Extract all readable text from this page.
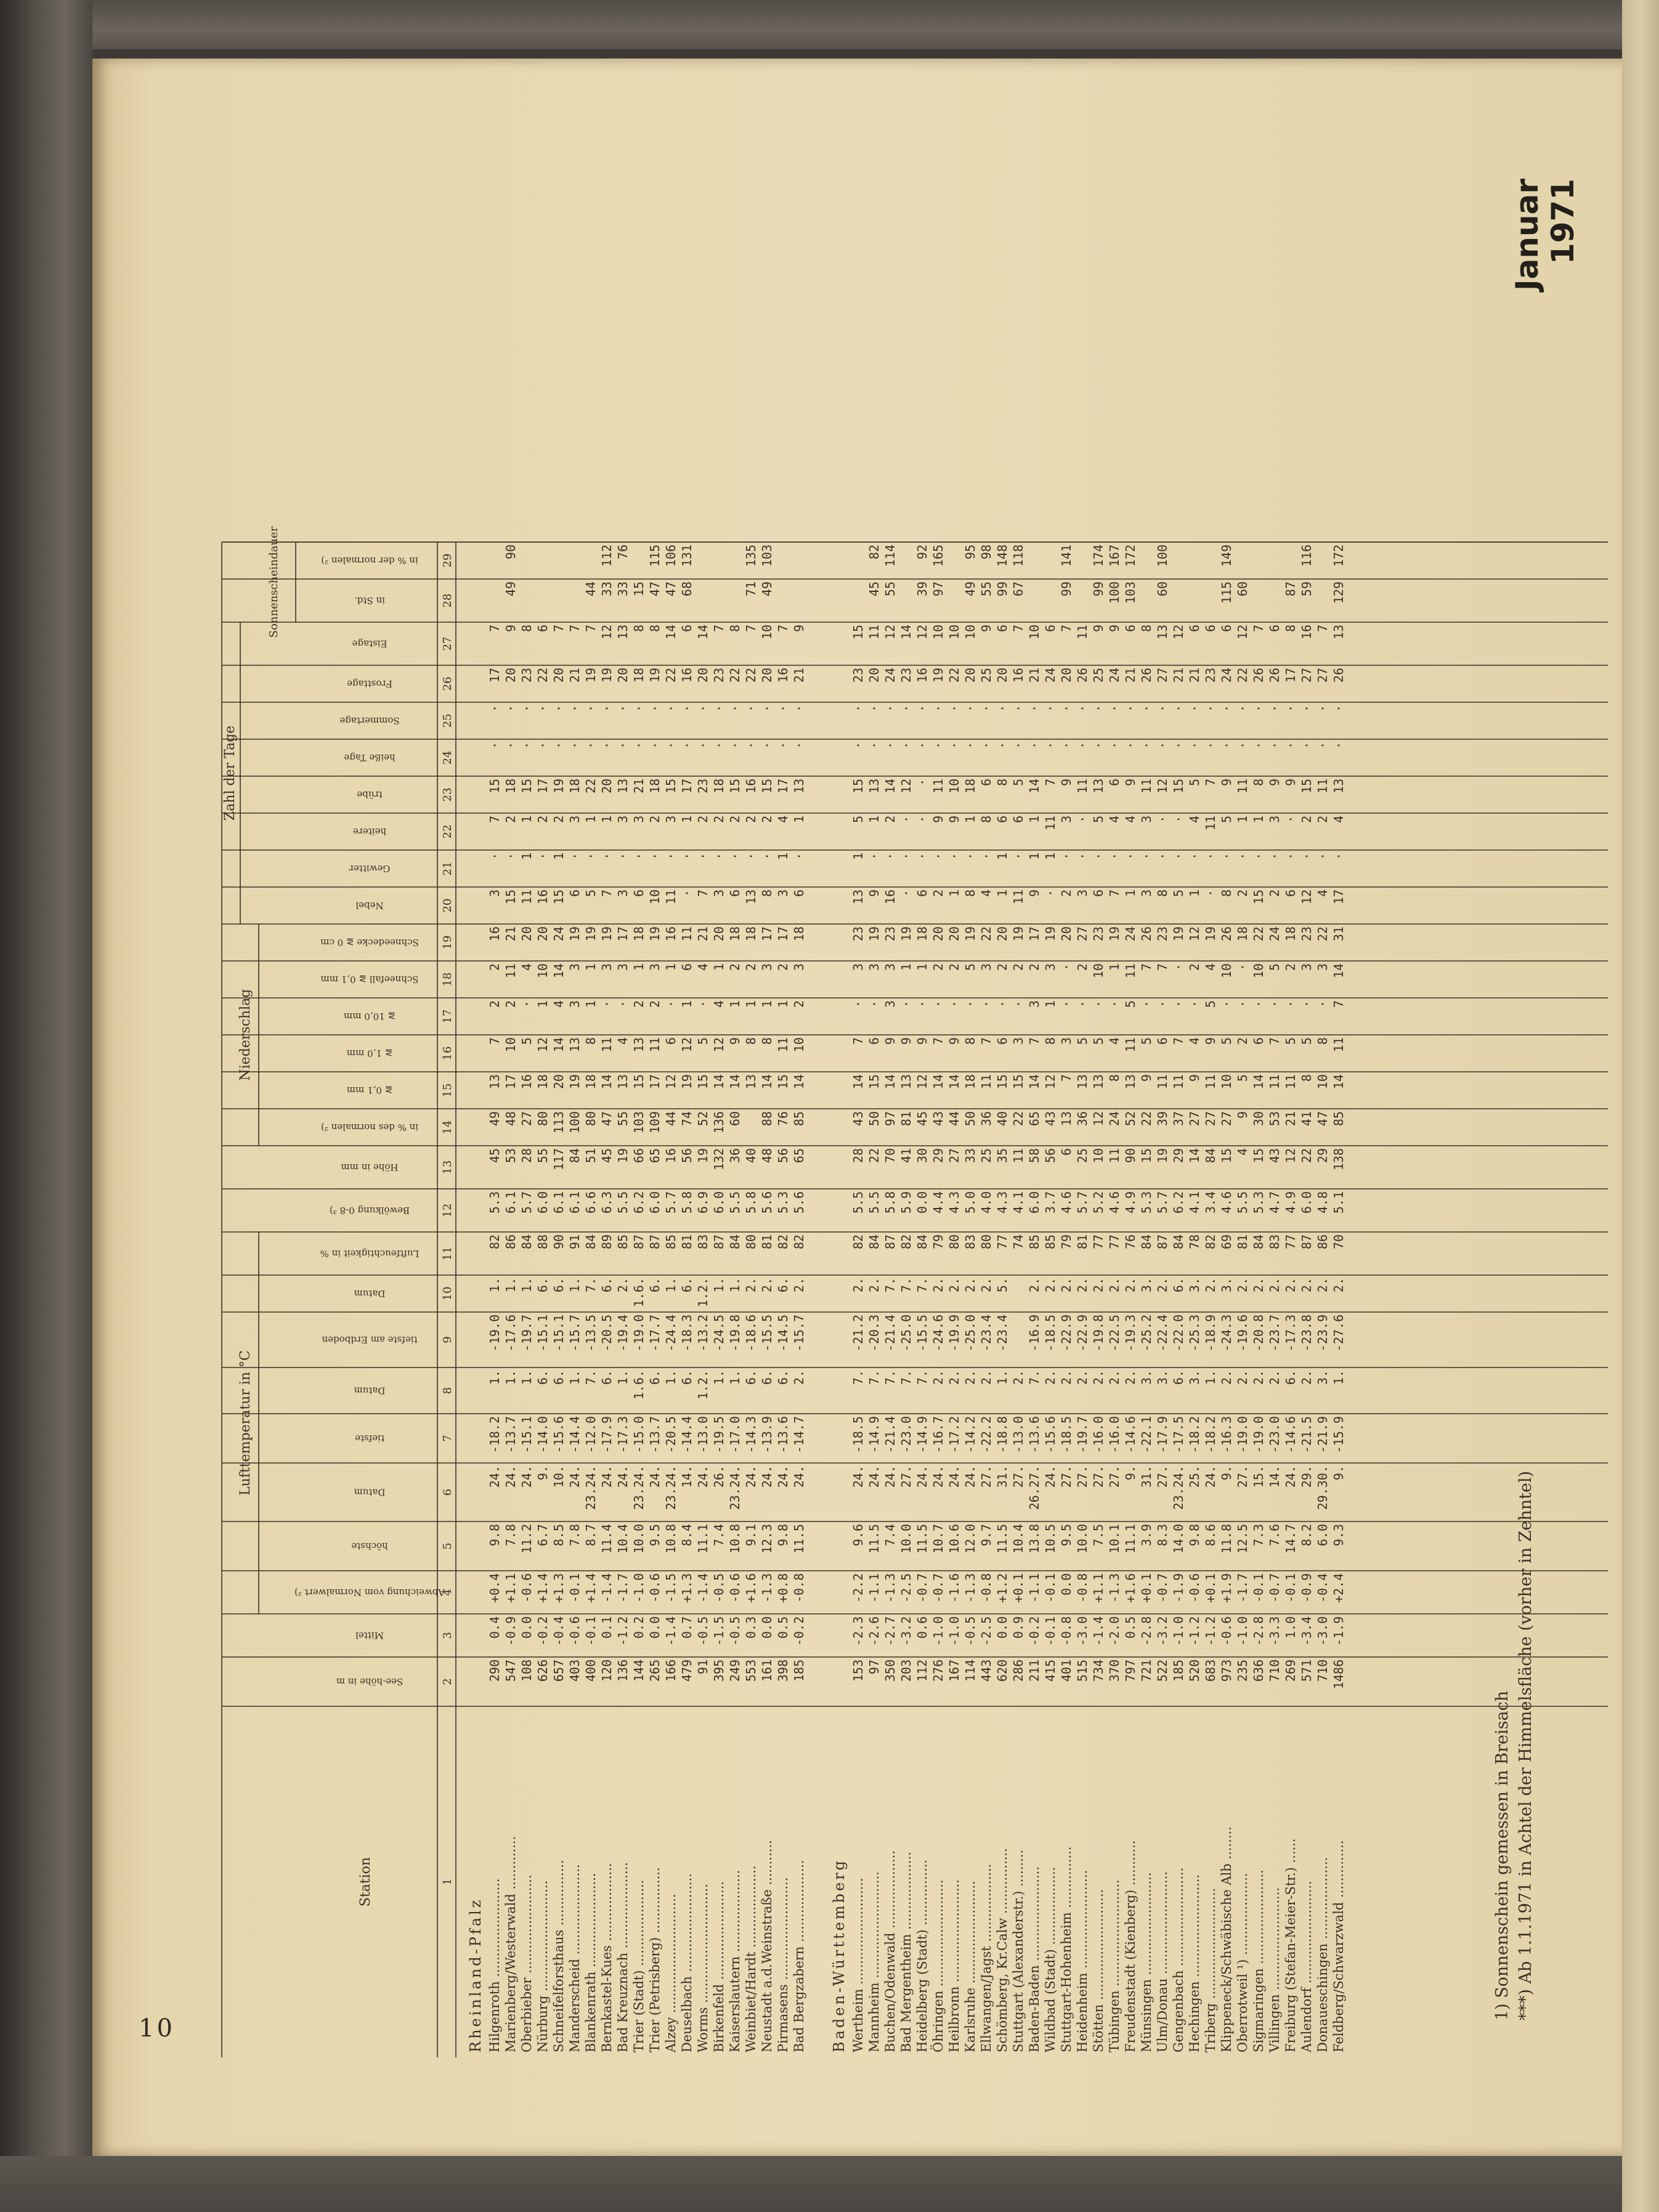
Januar 1971
Lufttemperatur in °C
Niederschlag
Zahl der Tage
Sonnenscheindauer
Station
See-höhe in m
Mittel
Abweichung vom Normalwert ²)
höchste
Datum
tiefste
Datum
tiefste am Erdboden
Datum
Luftfeuchtigkeit in %
Bewölkung 0-8 ³)
Höhe in mm
in % des normalen ²)
≧ 0,1 mm
≧ 1,0 mm
≧ 10,0 mm
Schneefall ≧ 0,1 mm
Schneedecke ≧ 0 cm
Nebel
Gewitter
heitere
trübe
heiße Tage
Sommertage
Frosttage
Eistage
in Std.
in % der normalen ²)
1
2
3
4
5
6
7
8
9
10
11
12
13
14
15
16
17
18
19
20
21
22
23
24
25
26
27
28
29
Rheinland-Pfalz Hilgenroth ........................
290
0.4
+0.4
9.8
24.
-18.2
1.
-19.0
1.
82
5.3
45
49
13
7
2
2
16
3
·
7
15
·
·
17
7
Marienberg/Westerwald .............
547
-0.9
+1.1
7.8
24.
-13.7
1.
-17.6
1.
86
6.1
53
48
17
10
2
11
21
15
·
2
18
·
·
20
9
49
90
Oberbieber ........................
108
0.0
-0.6
11.2
24.
-15.1
1.
-19.7
1.
84
5.7
28
27
16
5
·
4
20
11
1
1
15
·
·
23
8
Nürburg ...........................
626
-0.2
+1.4
6.7
9.
-14.0
6.
-15.1
6.
88
6.0
55
80
18
12
1
10
20
16
·
2
17
·
·
22
6
Schneifelforsthaus ................
657
-0.4
+1.3
8.5
10.
-15.6
6.
-15.1
6.
90
6.1
117
113
20
14
4
14
24
15
1
2
19
·
·
20
7
Manderscheid ......................
403
-0.6
-0.1
7.8
24.
-14.4
1.
-15.7
1.
91
6.1
84
100
19
13
3
3
19
6
·
3
18
·
·
21
7
Blankenrath .......................
400
-0.1
+1.4
8.7
23.24.
-12.0
7.
-13.5
7.
84
6.6
51
80
18
8
1
1
19
5
·
1
22
·
·
19
7
44
Bernkastel-Kues ...................
120
0.1
-1.4
11.4
24.
-17.9
6.
-20.5
6.
89
6.3
45
47
14
11
·
3
19
7
·
1
20
·
·
19
12
33
112
Bad Kreuznach .....................
136
-1.2
-1.7
10.4
24.
-17.3
1.
-19.4
2.
85
5.5
19
55
13
4
·
3
17
3
·
3
13
·
·
20
13
33
76
Trier (Stadt) .....................
144
0.2
-1.0
10.0
23.24.
-15.0
1.6.
-19.0
1.6.
87
6.2
66
103
15
13
2
1
18
6
·
3
21
·
·
18
8
15
Trier (Petrisberg) ................
265
0.0
-0.6
9.5
24.
-13.7
6.
-17.7
6.
87
6.0
65
109
17
11
2
3
19
10
·
2
18
·
·
19
8
47
115
Alzey .............................
166
-1.4
-1.5
10.8
23.24.
-20.5
1.
-24.4
1.
85
5.7
16
44
12
6
·
1
16
11
·
3
15
·
·
22
14
47
106
Deuselbach ........................
479
0.7
+1.3
8.4
14.
-14.4
6.
-18.3
6.
81
5.8
56
74
19
12
1
6
11
·
·
1
17
·
·
16
6
68
131
Worms .............................
91
-0.5
-1.4
11.1
24.
-13.0
1.2.
-13.2
1.2.
83
6.9
19
52
15
5
·
4
21
7
·
2
23
·
·
20
14
Birkenfeld ........................
395
-1.5
-0.5
7.4
26.
-19.5
1.
-24.5
1.
87
6.0
132
136
14
12
4
1
20
3
·
2
18
·
·
23
7
Kaiserslautern ....................
249
-0.5
-0.6
10.8
23.24.
-17.0
1.
-19.8
1.
84
5.5
36
60
14
9
1
2
18
6
·
2
15
·
·
22
8
Weinbiet/Hardt ....................
553
0.3
+1.6
9.1
24.
-14.3
6.
-18.6
2.
80
5.8
40
13
8
1
2
18
13
·
2
16
·
·
22
7
71
135
Neustadt a.d.Weinstraße ...........
161
0.0
-1.3
12.3
24.
-13.9
6.
-15.5
2.
81
5.6
48
88
14
8
1
3
17
8
·
2
15
·
·
20
10
49
103
Pirmasens .........................
398
0.5
+0.8
9.8
24.
-13.6
6.
-14.5
6.
82
5.3
56
76
15
11
1
2
17
3
1
4
17
·
·
16
7
Bad Bergzabern ....................
185
-0.2
-0.8
11.5
24.
-14.7
2.
-15.7
2.
82
5.6
65
85
14
10
2
3
18
6
·
1
13
·
·
21
9
Baden-Württemberg Wertheim ..........................
153
-2.3
-2.2
9.6
24.
-18.5
7.
-21.2
2.
82
5.5
28
43
14
7
·
3
23
13
1
5
15
·
·
23
15
Mannheim ..........................
97
-2.6
-1.1
11.5
24.
-14.9
7.
-20.3
2.
84
5.5
22
50
15
6
·
3
19
9
·
1
13
·
·
20
11
45
82
Buchen/Odenwald ...................
350
-2.7
-1.3
7.4
24.
-21.4
7.
-21.4
7.
87
5.8
70
97
14
9
3
3
23
16
·
2
14
·
·
24
12
55
114
Bad Mergentheim ...................
203
-3.2
-2.5
10.0
27.
-23.0
7.
-25.0
7.
82
5.9
41
81
13
9
·
1
19
·
·
·
12
·
·
23
14
Heidelberg (Stadt) ................
112
0.6
-0.7
11.5
24.
-14.9
7.
-15.5
7.
84
0.0
30
45
12
9
·
1
18
6
·
·
·
·
·
16
12
39
92
Öhringen ..........................
276
-1.0
-0.7
10.7
24.
-16.7
2.
-24.6
2.
79
4.4
29
43
14
7
·
2
20
2
·
9
11
·
·
19
10
97
165
Heilbronn .........................
167
-1.0
-1.6
10.6
24.
-17.2
2.
-19.9
2.
80
4.3
27
44
14
9
·
2
20
1
·
9
10
·
·
22
10
Karlsruhe .........................
114
-0.5
-1.3
12.0
24.
-14.2
2.
-25.0
2.
83
5.0
33
50
18
8
·
5
19
8
·
1
18
·
·
20
10
49
95
Ellwangen/Jagst ...................
443
-2.5
-0.8
9.7
27.
-22.2
2.
-23.4
2.
80
4.0
25
36
11
7
·
3
22
4
·
8
6
·
·
25
9
55
98
Schömberg, Kr.Calw ................
620
0.0
+1.2
11.5
31.
-18.8
1.
-23.4
5.
77
4.3
35
40
15
6
·
2
20
1
1
6
8
·
·
20
6
99
148
Stuttgart (Alexanderstr.) .........
286
0.9
+0.1
10.4
27.
-13.0
2.
74
4.1
11
22
15
3
·
2
19
11
·
6
5
·
·
16
7
67
118
Baden-Baden .......................
211
-0.2
-1.1
13.8
26.27.
-13.6
7.
-16.9
2.
85
6.0
58
65
14
7
3
2
17
9
1
1
14
·
·
21
10
Wildbad (Stadt) ...................
415
-0.1
-0.1
10.5
24.
-15.6
2.
-18.5
2.
85
3.7
56
43
12
8
1
3
19
·
1
11
7
·
·
24
6
Stuttgart-Hohenheim ...............
401
-0.8
0.0
9.5
27.
-18.5
2.
-22.9
2.
79
4.6
6
13
7
3
·
·
20
2
·
3
9
·
·
20
7
99
141
Heidenheim ........................
515
-3.0
-0.8
10.0
27.
-19.7
2.
-22.9
2.
81
5.7
25
36
13
5
·
2
27
3
·
·
11
·
·
26
11
Stötten ...........................
734
-1.4
+1.1
7.5
27.
-16.0
2.
-19.8
2.
77
5.2
10
12
13
5
·
10
23
6
·
5
13
·
·
25
9
99
174
Tübingen ..........................
370
-2.0
-1.3
10.1
27.
-16.0
2.
-22.5
2.
77
4.6
11
24
8
4
·
1
19
7
·
4
6
·
·
24
9
100
167
Freudenstadt (Kienberg) ...........
797
0.5
+1.6
11.1
9.
-14.6
2.
-19.3
2.
76
4.9
90
52
13
11
5
11
24
1
·
4
9
·
·
21
6
103
172
Münsingen .........................
721
-2.8
+0.1
3.9
31.
-22.1
3.
-25.2
3.
84
5.3
15
22
9
5
·
7
26
3
·
3
11
·
·
26
8
Ulm/Donau .........................
522
-3.2
-0.7
8.3
27.
-17.9
3.
-22.4
2.
87
5.7
19
39
11
6
·
7
23
8
·
·
12
·
·
27
13
60
100
Gengenbach ........................
185
-1.0
-1.9
14.0
23.24.
-17.5
6.
-22.0
6.
84
6.2
29
37
11
7
·
·
19
5
·
·
15
·
·
21
12
Hechingen .........................
520
-1.2
-0.6
9.8
25.
-18.2
3.
-25.3
3.
78
4.1
14
27
9
4
·
2
12
1
·
4
5
·
·
21
6
Triberg ...........................
683
-1.2
+0.1
8.6
24.
-18.2
1.
-18.9
2.
82
3.4
84
27
11
9
5
4
19
·
·
11
7
·
·
23
6
Klippeneck/Schwäbische Alb ........
973
-0.6
+1.9
11.8
9.
-16.3
2.
-24.3
3.
69
4.6
15
27
10
5
·
10
26
8
·
5
9
·
·
24
6
115
149
Oberrotweil ¹) ....................
235
-1.0
-1.7
12.5
27.
-19.0
2.
-19.6
2.
81
5.5
4
9
5
2
·
·
18
2
·
1
11
·
·
22
12
60
Sigmaringen .......................
636
-2.8
-0.1
7.3
15.
-19.0
2.
-20.8
2.
84
5.3
15
30
14
6
·
10
22
15
·
1
8
·
·
26
7
Villingen .........................
710
-3.3
-0.7
7.6
14.
-23.0
2.
-23.7
2.
83
4.7
43
53
11
7
·
5
24
2
·
3
9
·
·
26
6
Freiburg (Stefan-Meier-Str.) ......
269
1.0
-0.1
14.7
24.
-14.6
6.
-17.3
2.
77
4.9
12
21
11
5
·
2
18
6
·
·
9
·
·
17
8
87
Aulendorf .........................
571
-3.4
-0.9
8.2
29.
-21.5
2.
-23.8
2.
87
6.0
22
41
8
5
·
3
23
12
·
2
15
·
·
27
16
59
116
Donaueschingen ....................
710
-3.0
-0.4
6.0
29.30.
-21.9
3.
-23.9
2.
86
4.8
29
47
10
8
·
3
22
4
·
2
11
·
·
27
7
Feldberg/Schwarzwald ..............
1486
-1.9
+2.4
9.3
9.
-15.9
1.
-27.6
2.
70
5.1
138
85
14
11
7
14
31
17
·
4
13
·
·
26
13
129
172
1) Sonnenschein gemessen in Breisach ***) Ab 1.1.1971 in Achtel der Himmelsfläche (vorher in Zehntel)
10
